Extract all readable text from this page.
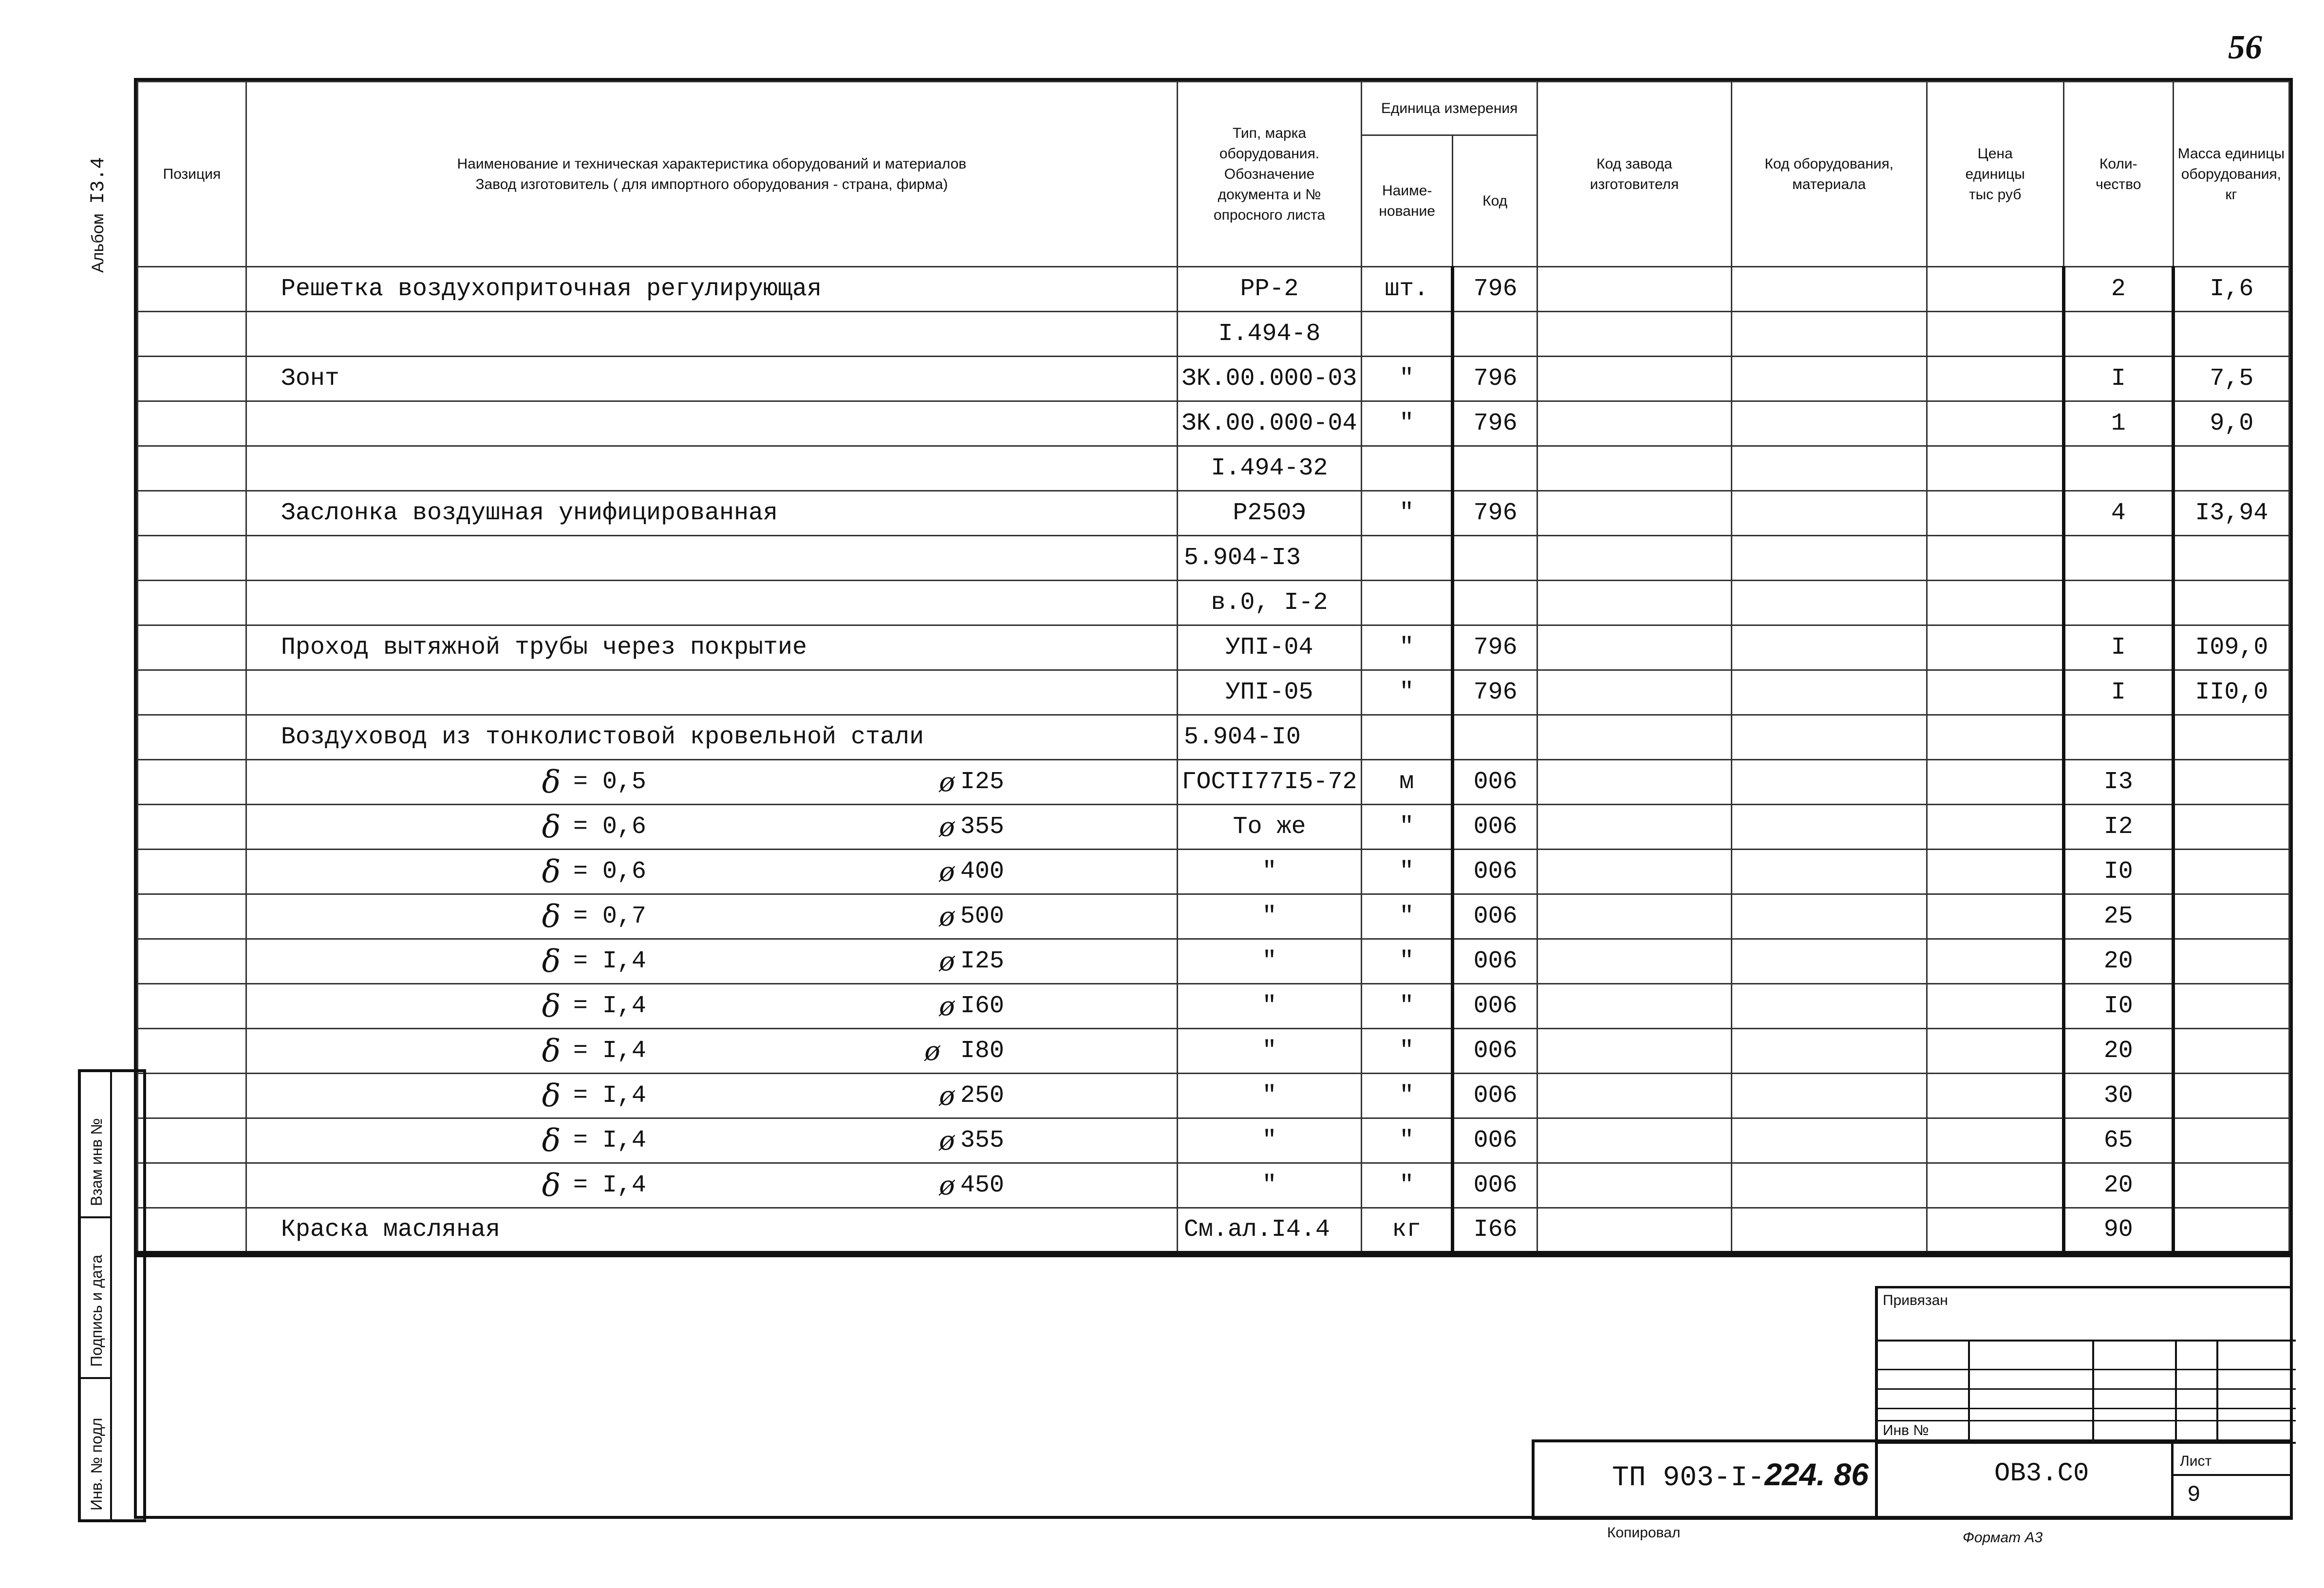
56
Альбом I3.4	Позиция	Наименование и техническая характеристика оборудований и материалов
Завод изготовитель ( для импортного оборудования - страна, фирма)	Тип, марка оборудования. Обозначение документа и № опросного листа	Единица измерения		Код завода изготовителя	Код оборудования, материала	Цена единицы тыс руб	Коли-чество	Масса единицы оборудования, кг
			Наиме-нование	Код					
	Решетка воздухоприточная регулирующая	РР-2	шт.	796				2	I,6
		I.494-8							
	Зонт	ЗК.00.000-03	"	796				I	7,5
		ЗК.00.000-04	"	796				1	9,0
		I.494-32							
	Заслонка воздушная унифицированная	Р250Э	"	796				4	I3,94
		5.904-I3							
		в.0, I-2							
	Проход вытяжной трубы через покрытие	УПI-04	"	796				I	I09,0
		УПI-05	"	796				I	II0,0
	Воздуховод из тонколистовой кровельной стали	5.904-I0							

	δ = 0,5 ø I25	ГОСТI77I5-72	м	006				I3	

	δ = 0,6 ø 355	То же	"	006				I2	

	δ = 0,6 ø 400	"	"	006				I0	

	δ = 0,7 ø 500	"	"	006				25	

	δ = I,4 ø I25	"	"	006				20	

	δ = I,4 ø I60	"	"	006				I0	

	δ = I,4 ø I80	"	"	006				20	

	δ = I,4 ø 250	"	"	006				30	

	δ = I,4 ø 355	"	"	006				65	

	δ = I,4 ø 450	"	"	006				20	
	Краска масляная	См.ал.I4.4	кг	I66				90	
Взам инв №
Подпись и дата
Инв. № подл
Привязан
Инв №
Лист
9
ТП 903-I-224. 86	ОВ3.С0
Копировал	Формат А3
